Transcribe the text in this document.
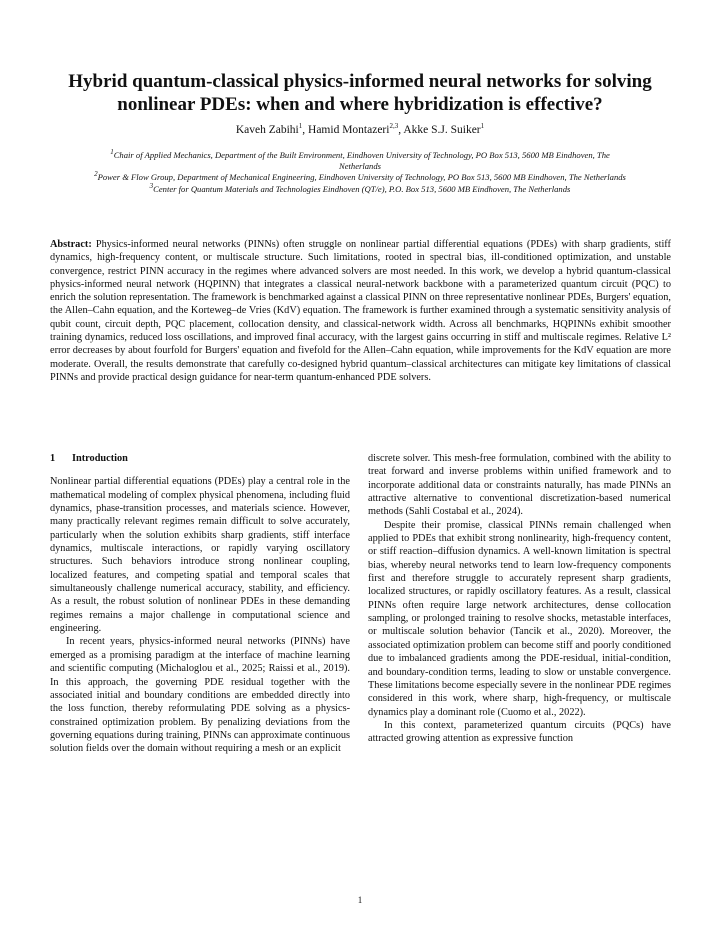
Hybrid quantum-classical physics-informed neural networks for solving nonlinear PDEs: when and where hybridization is effective?
Kaveh Zabihi$^1$, Hamid Montazeri$^{2,3}$, Akke S.J. Suiker$^1$

$^1$Chair of Applied Mechanics, Department of the Built Environment, Eindhoven University of Technology, PO Box 513, 5600 MB Eindhoven, The Netherlands

$^2$Power & Flow Group, Department of Mechanical Engineering, Eindhoven University of Technology, PO Box 513, 5600 MB Eindhoven, The Netherlands

$^3$Center for Quantum Materials and Technologies Eindhoven (QT/e), P.O. Box 513, 5600 MB Eindhoven, The Netherlands

Abstract: Physics-informed neural networks (PINNs) often struggle on nonlinear partial differential equations (PDEs) with sharp gradients, stiff dynamics, high-frequency content, or multiscale structure. Such limitations, rooted in spectral bias, ill-conditioned optimization, and unstable convergence, restrict PINN accuracy in the regimes where advanced solvers are most needed. In this work, we develop a hybrid quantum-classical physics-informed neural network (HQPINN) that integrates a classical neural-network backbone with a parameterized quantum circuit (PQC) to enrich the solution representation. The framework is benchmarked against a classical PINN on three representative nonlinear PDEs, Burgers' equation, the Allen–Cahn equation, and the Korteweg–de Vries (KdV) equation. The framework is further examined through a systematic sensitivity analysis of qubit count, circuit depth, PQC placement, collocation density, and classical-network width. Across all benchmarks, HQPINNs exhibit smoother training dynamics, reduced loss oscillations, and improved final accuracy, with the largest gains occurring in stiff and multiscale regimes. Relative L² error decreases by about fourfold for Burgers' equation and fivefold for the Allen–Cahn equation, while improvements for the KdV equation are more moderate. Overall, the results demonstrate that carefully co-designed hybrid quantum–classical architectures can mitigate key limitations of classical PINNs and provide practical design guidance for near-term quantum-enhanced PDE solvers.

1 Introduction

Nonlinear partial differential equations (PDEs) play a central role in the mathematical modeling of complex physical phenomena, including fluid dynamics, phase-transition processes, and materials science. However, many practically relevant regimes remain difficult to solve accurately, particularly when the solution exhibits sharp gradients, stiff interface dynamics, multiscale interactions, or rapidly varying oscillatory structures. Such behaviors introduce strong nonlinear coupling, localized features, and competing spatial and temporal scales that simultaneously challenge numerical accuracy, stability, and efficiency. As a result, the robust solution of nonlinear PDEs in these demanding regimes remains a major challenge in computational science and engineering.

In recent years, physics-informed neural networks (PINNs) have emerged as a promising paradigm at the interface of machine learning and scientific computing (Michaloglou et al., 2025; Raissi et al., 2019). In this approach, the governing PDE residual together with the associated initial and boundary conditions are embedded directly into the loss function, thereby reformulating PDE solving as a physics-constrained optimization problem. By penalizing deviations from the governing equations during training, PINNs can approximate continuous solution fields over the domain without requiring a mesh or an explicit

discrete solver. This mesh-free formulation, combined with the ability to treat forward and inverse problems within unified framework and to incorporate additional data or constraints naturally, has made PINNs an attractive alternative to conventional discretization-based numerical methods (Sahli Costabal et al., 2024).

Despite their promise, classical PINNs remain challenged when applied to PDEs that exhibit strong nonlinearity, high-frequency content, or stiff reaction–diffusion dynamics. A well-known limitation is spectral bias, whereby neural networks tend to learn low-frequency components first and therefore struggle to accurately represent sharp gradients, localized structures, or rapidly oscillatory features. As a result, classical PINNs often require large network architectures, dense collocation sampling, or prolonged training to resolve shocks, metastable interfaces, or multiscale solution behavior (Tancik et al., 2020). Moreover, the associated optimization problem can become stiff and poorly conditioned due to imbalanced gradients among the PDE-residual, initial-condition, and boundary-condition terms, leading to slow or unstable convergence. These limitations become especially severe in the nonlinear PDE regimes considered in this work, where sharp, high-frequency, or multiscale dynamics play a dominant role (Cuomo et al., 2022).

In this context, parameterized quantum circuits (PQCs) have attracted growing attention as expressive function

1
